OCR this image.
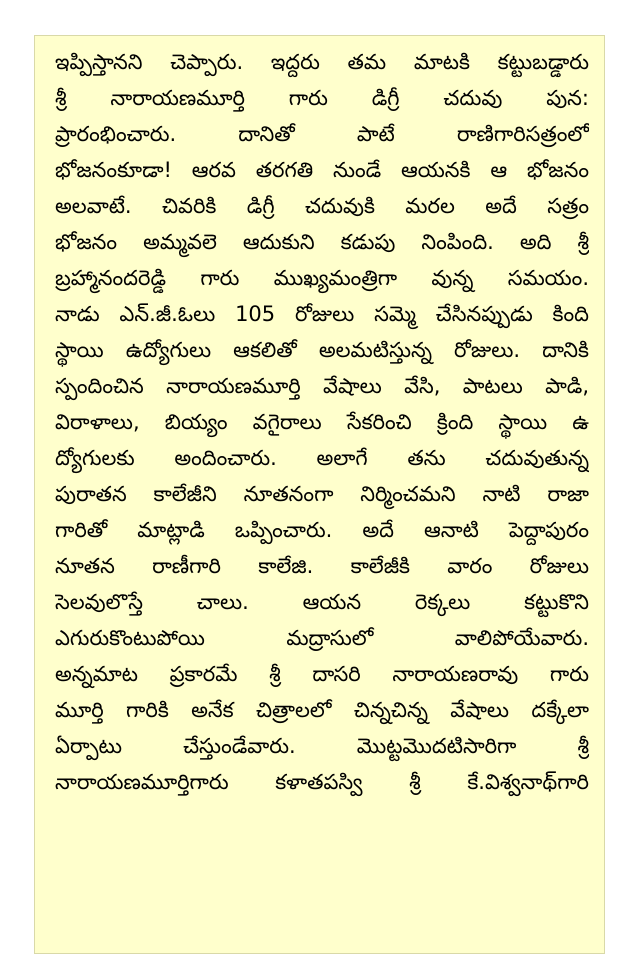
ఇప్పిస్తానని చెప్పారు. ఇద్దరు తమ మాటకి కట్టుబడ్డారు
శ్రీ నారాయణమూర్తి గారు డిగ్రీ చదువు పున:
ప్రారంభించారు. దానితో పాటే రాణిగారిసత్రంలో
భోజనంకూడా! ఆరవ తరగతి నుండే ఆయనకి ఆ భోజనం
అలవాటే. చివరికి డిగ్రీ చదువుకి మరల అదే సత్రం
భోజనం అమ్మవలె ఆదుకుని కడుపు నింపింది. అది శ్రీ
బ్రహ్మానందరెడ్డి గారు ముఖ్యమంత్రిగా వున్న సమయం.
నాడు ఎన్.జీ.ఓలు 105 రోజులు సమ్మె చేసినప్పుడు కింది
స్థాయి ఉద్యోగులు ఆకలితో అలమటిస్తున్న రోజులు. దానికి
స్పందించిన నారాయణమూర్తి వేషాలు వేసి, పాటలు పాడి,
విరాళాలు, బియ్యం వగైరాలు సేకరించి క్రింది స్థాయి ఉ
ద్యోగులకు అందించారు. అలాగే తను చదువుతున్న
పురాతన కాలేజీని నూతనంగా నిర్మించమని నాటి రాజా
గారితో మాట్లాడి ఒప్పించారు. అదే ఆనాటి పెద్దాపురం
నూతన రాణీగారి కాలేజి. కాలేజీకి వారం రోజులు
సెలవులొస్తే చాలు. ఆయన రెక్కలు కట్టుకొని
ఎగురుకొంటుపోయి మద్రాసులో వాలిపోయేవారు.
అన్నమాట ప్రకారమే శ్రీ దాసరి నారాయణరావు గారు
మూర్తి గారికి అనేక చిత్రాలలో చిన్నచిన్న వేషాలు దక్కేలా
ఏర్పాటు చేస్తుండేవారు. మొట్టమొదటిసారిగా శ్రీ
నారాయణమూర్తిగారు కళాతపస్వి శ్రీ కే.విశ్వనాథ్‌గారి
